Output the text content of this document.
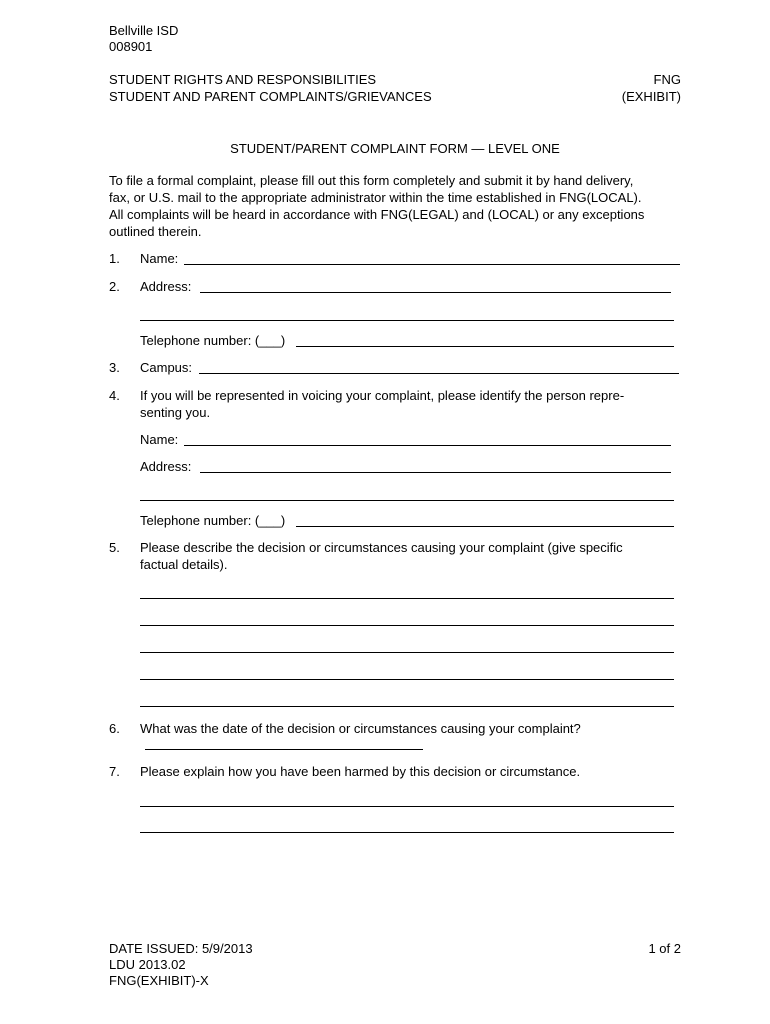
Bellville ISD
008901
STUDENT RIGHTS AND RESPONSIBILITIES
STUDENT AND PARENT COMPLAINTS/GRIEVANCES
FNG
(EXHIBIT)
STUDENT/PARENT COMPLAINT FORM — LEVEL ONE
To file a formal complaint, please fill out this form completely and submit it by hand delivery,
fax, or U.S. mail to the appropriate administrator within the time established in FNG(LOCAL).
All complaints will be heard in accordance with FNG(LEGAL) and (LOCAL) or any exceptions
outlined therein.
1. Name:
2. Address:
Telephone number: (___)
3. Campus:
4. If you will be represented in voicing your complaint, please identify the person repre-
senting you.
Name:
Address:
Telephone number: (___)
5. Please describe the decision or circumstances causing your complaint (give specific
factual details).
6. What was the date of the decision or circumstances causing your complaint?
7. Please explain how you have been harmed by this decision or circumstance.
DATE ISSUED: 5/9/2013
LDU 2013.02
FNG(EXHIBIT)-X
1 of 2
